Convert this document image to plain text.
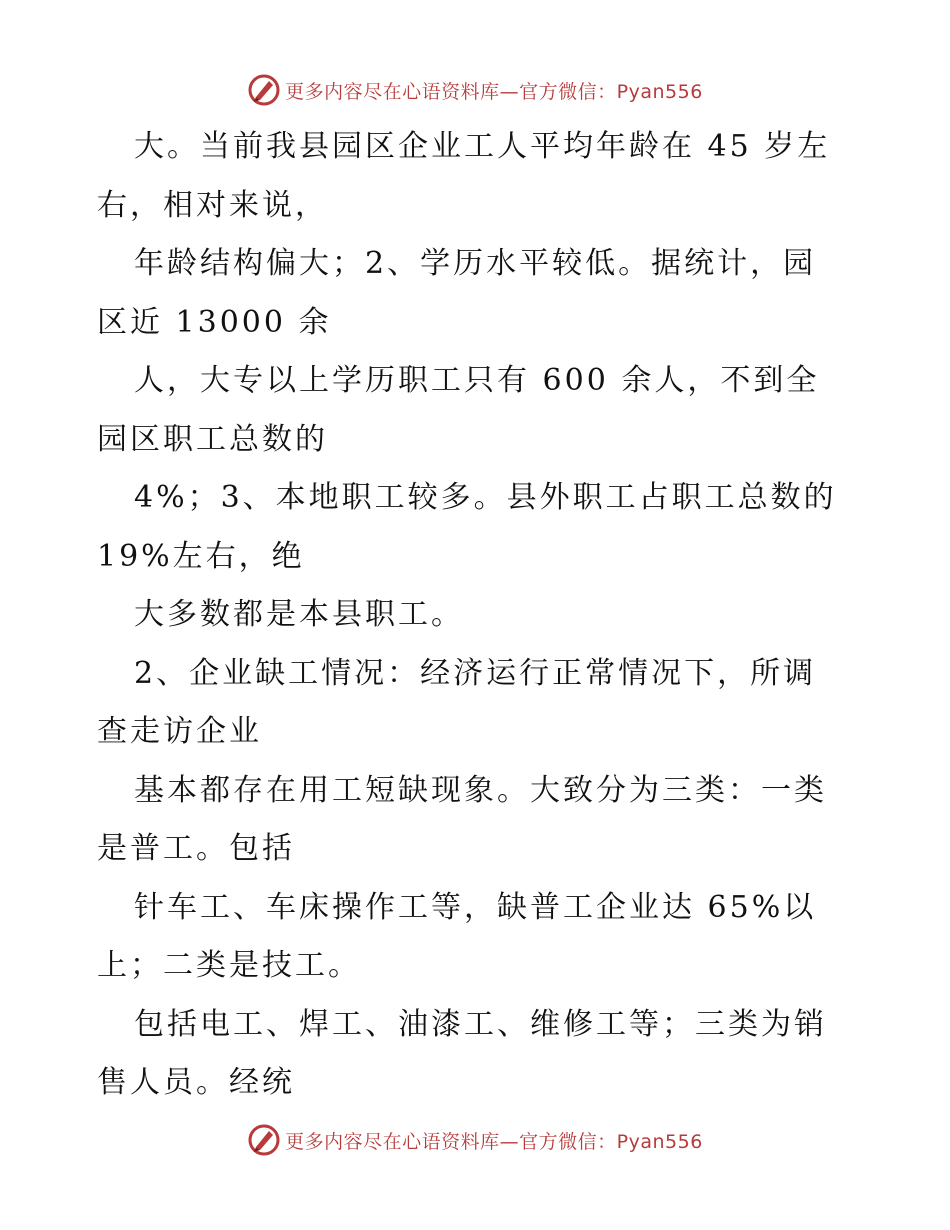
更多内容尽在心语资料库—官方微信：Pyan556
大。当前我县园区企业工人平均年龄在 45 岁左
右，相对来说，
年龄结构偏大；2、学历水平较低。据统计，园
区近 13000 余
人，大专以上学历职工只有 600 余人，不到全
园区职工总数的
4%；3、本地职工较多。县外职工占职工总数的
19%左右，绝
大多数都是本县职工。
2、企业缺工情况：经济运行正常情况下，所调
查走访企业
基本都存在用工短缺现象。大致分为三类：一类
是普工。包括
针车工、车床操作工等，缺普工企业达 65%以
上；二类是技工。
包括电工、焊工、油漆工、维修工等；三类为销
售人员。经统
更多内容尽在心语资料库—官方微信：Pyan556
